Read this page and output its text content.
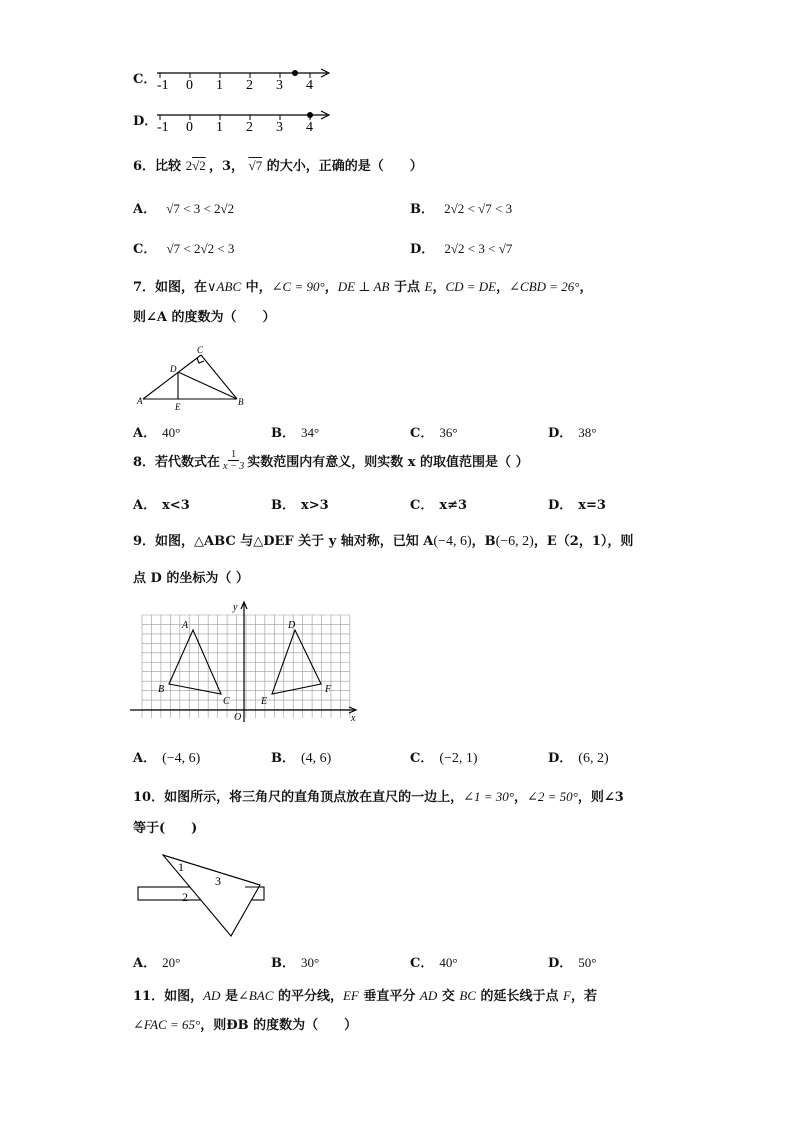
C． -1 0 1 2 3 4
D． -1 0 1 2 3 4
6．比较 2√2 ，3， √7 的大小，正确的是（　　）
A． √7 < 3 < 2√2	B． 2√2 < √7 < 3
C． √7 < 2√2 < 3	D． 2√2 < 3 < √7
7．如图，在∨ABC 中，∠C = 90°，DE ⊥ AB 于点 E，CD = DE，∠CBD = 26°，
则∠A 的度数为（　　）
C
D
A
E	B
A． 40°	B． 34°	C． 36°	D． 38°
8．若代数式在 $\frac{1}{x - 3}$ 实数范围内有意义，则实数 x 的取值范围是（ ）
A． x<3	B． x>3	C． x≠3	D． x=3
9．如图，△ABC 与△DEF 关于 y 轴对称，已知 A(−4, 6)，B(−6, 2)，E（2，1），则
点 D 的坐标为（ ）
A
B
C
D
E
F
O	x
y
A． (−4, 6)	B． (4, 6)	C． (−2, 1)	D． (6, 2)
10．如图所示，将三角尺的直角顶点放在直尺的一边上，∠1 = 30°，∠2 = 50°，则∠3
等于(　　)
1
2
3
A． 20°	B． 30°	C． 40°	D． 50°
11．如图，AD 是∠BAC 的平分线，EF 垂直平分 AD 交 BC 的延长线于点 F，若
∠FAC = 65°，则ÐB 的度数为（　　）
